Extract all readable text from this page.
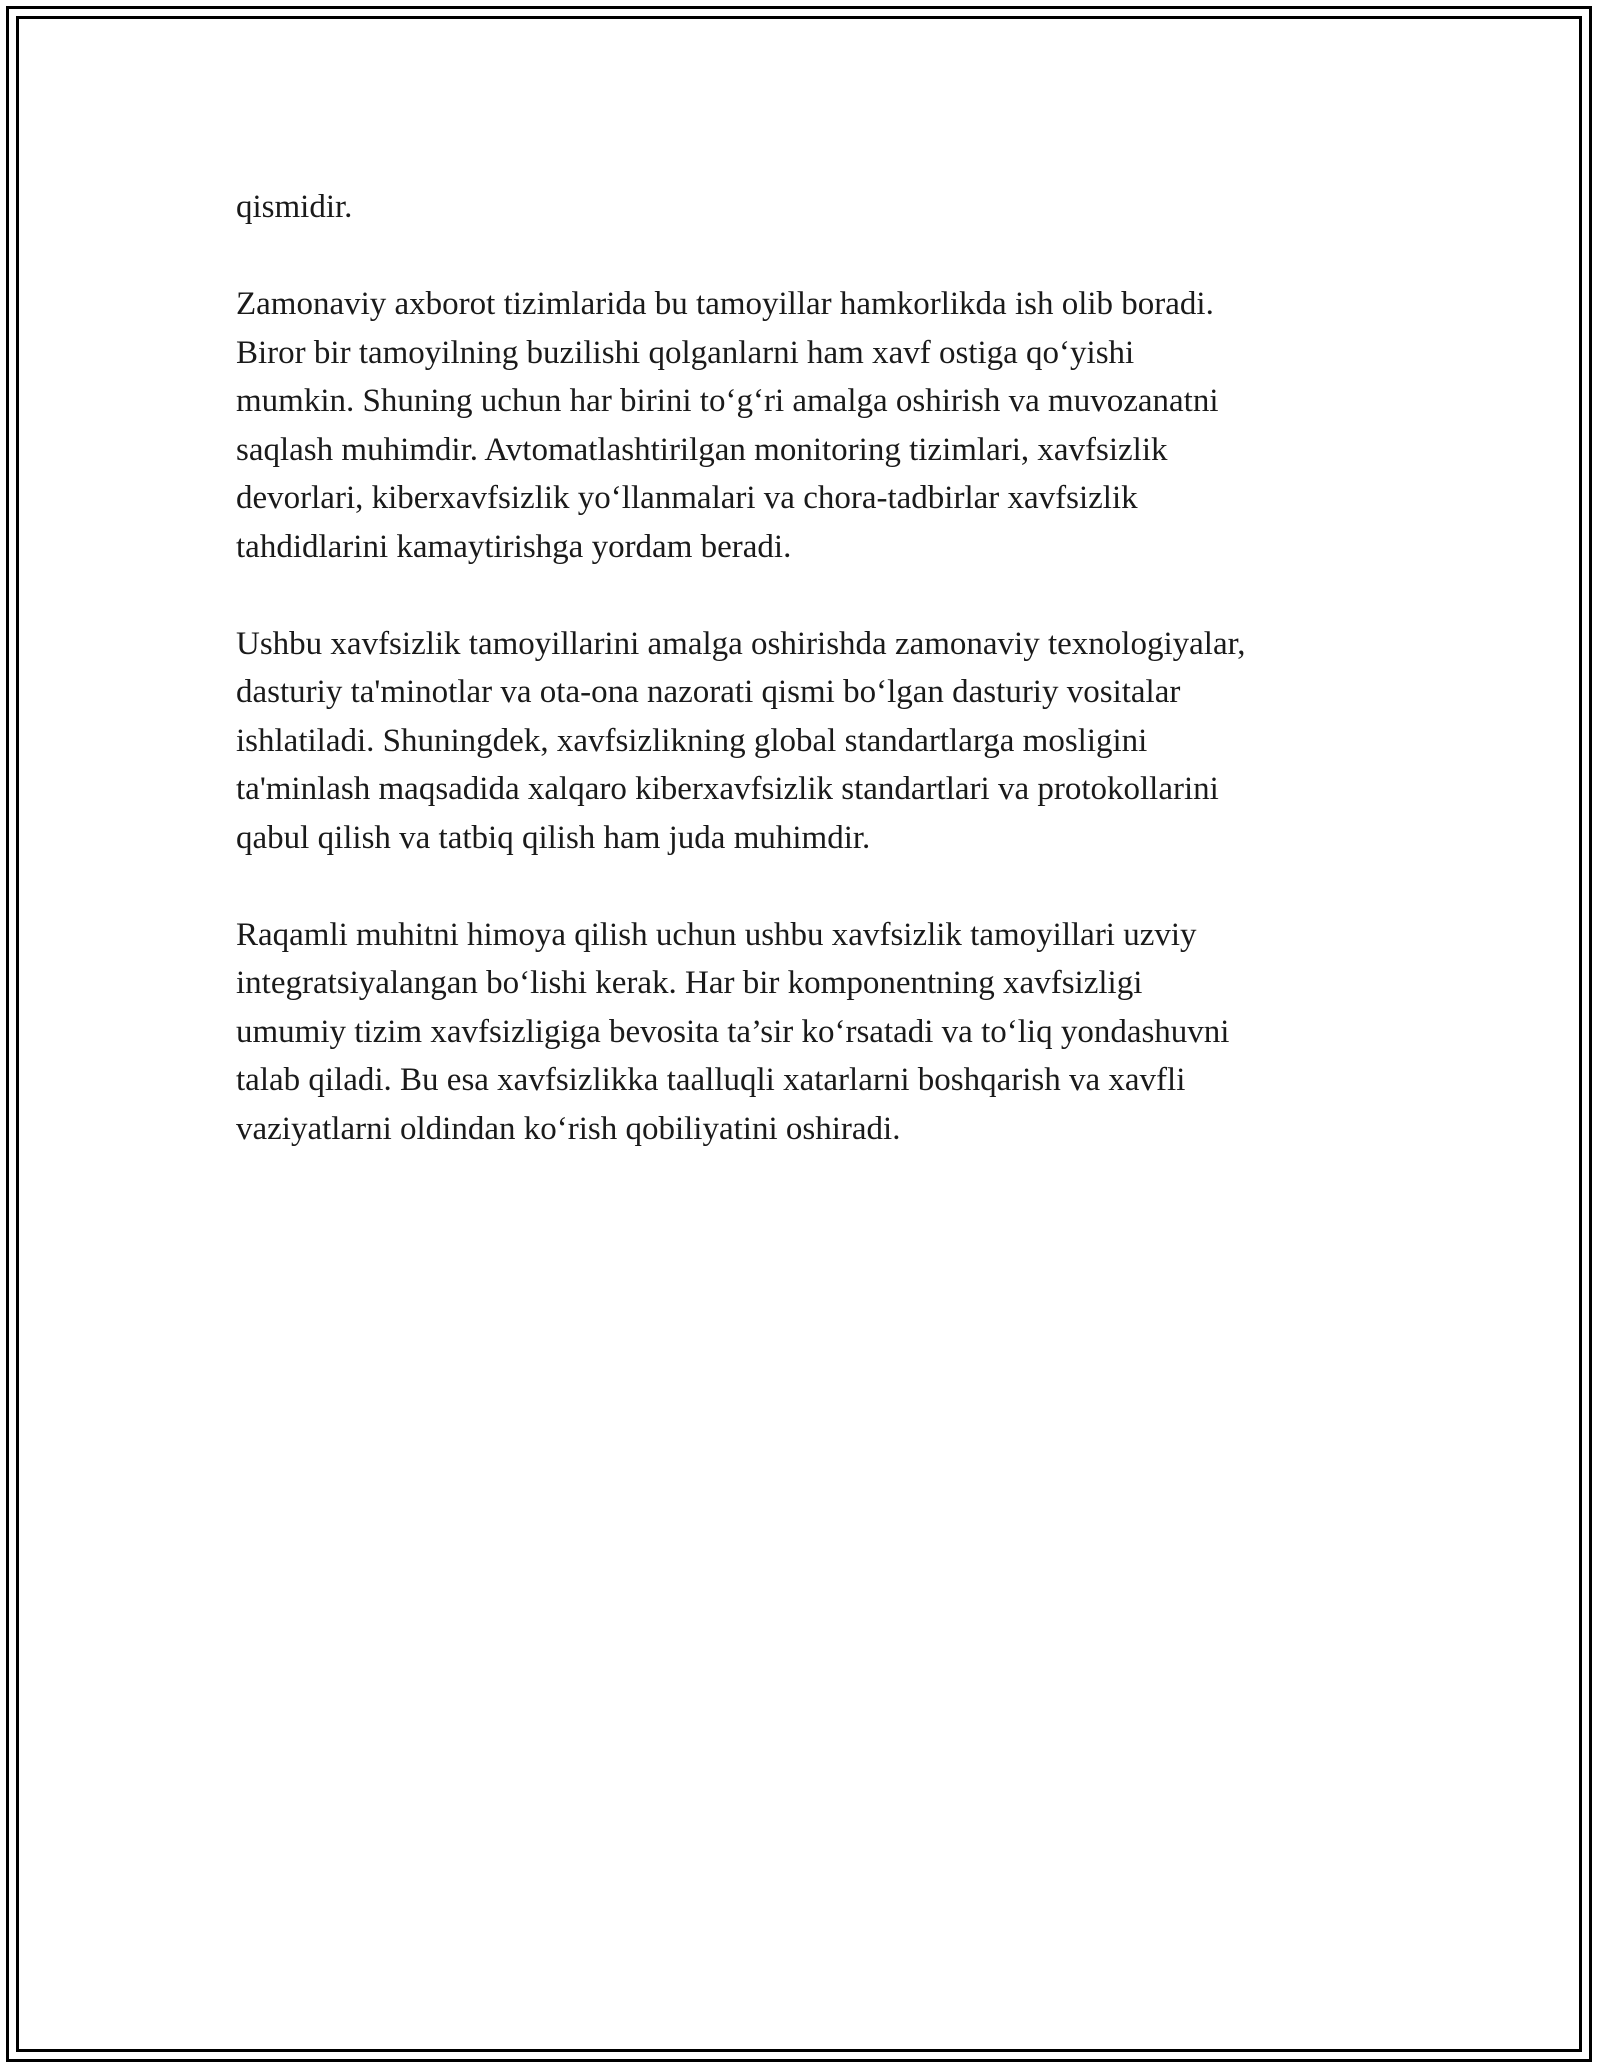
qismidir.

Zamonaviy axborot tizimlarida bu tamoyillar hamkorlikda ish olib boradi.
Biror bir tamoyilning buzilishi qolganlarni ham xavf ostiga qo‘yishi
mumkin. Shuning uchun har birini to‘g‘ri amalga oshirish va muvozanatni
saqlash muhimdir. Avtomatlashtirilgan monitoring tizimlari, xavfsizlik
devorlari, kiberxavfsizlik yo‘llanmalari va chora-tadbirlar xavfsizlik
tahdidlarini kamaytirishga yordam beradi.

Ushbu xavfsizlik tamoyillarini amalga oshirishda zamonaviy texnologiyalar,
dasturiy ta'minotlar va ota-ona nazorati qismi bo‘lgan dasturiy vositalar
ishlatiladi. Shuningdek, xavfsizlikning global standartlarga mosligini
ta'minlash maqsadida xalqaro kiberxavfsizlik standartlari va protokollarini
qabul qilish va tatbiq qilish ham juda muhimdir.

Raqamli muhitni himoya qilish uchun ushbu xavfsizlik tamoyillari uzviy
integratsiyalangan bo‘lishi kerak. Har bir komponentning xavfsizligi
umumiy tizim xavfsizligiga bevosita ta’sir ko‘rsatadi va to‘liq yondashuvni
talab qiladi. Bu esa xavfsizlikka taalluqli xatarlarni boshqarish va xavfli
vaziyatlarni oldindan ko‘rish qobiliyatini oshiradi.
